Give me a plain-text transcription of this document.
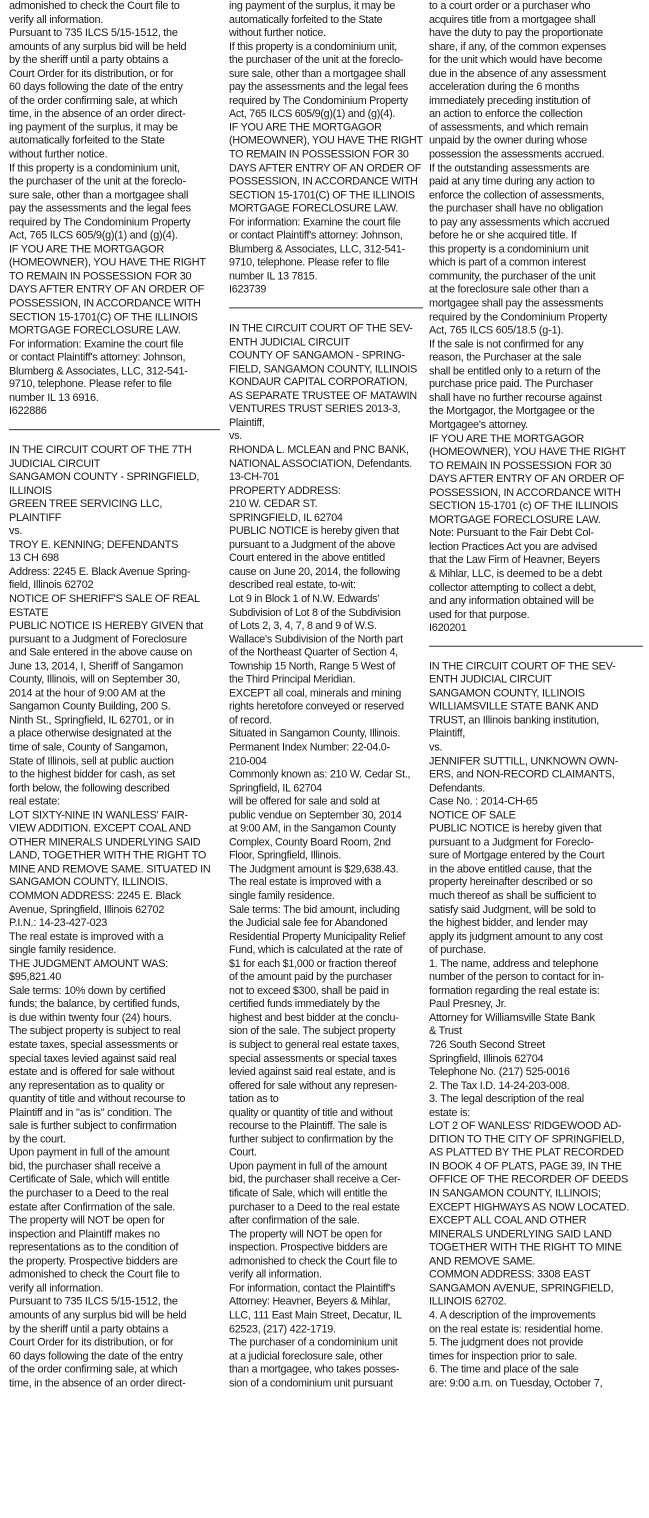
admonished to check the Court file to
verify all information.
Pursuant to 735 ILCS 5/15-1512, the
amounts of any surplus bid will be held
by the sheriff until a party obtains a
Court Order for its distribution, or for
60 days following the date of the entry
of the order confirming sale, at which
time, in the absence of an order direct-
ing payment of the surplus, it may be
automatically forfeited to the State
without further notice.
If this property is a condominium unit,
the purchaser of the unit at the foreclo-
sure sale, other than a mortgagee shall
pay the assessments and the legal fees
required by The Condominium Property
Act, 765 ILCS 605/9(g)(1) and (g)(4).
IF YOU ARE THE MORTGAGOR
(HOMEOWNER), YOU HAVE THE RIGHT
TO REMAIN IN POSSESSION FOR 30
DAYS AFTER ENTRY OF AN ORDER OF
POSSESSION, IN ACCORDANCE WITH
SECTION 15-1701(C) OF THE ILLINOIS
MORTGAGE FORECLOSURE LAW.
For information: Examine the court file
or contact Plaintiff's attorney: Johnson,
Blumberg & Associates, LLC, 312-541-
9710, telephone. Please refer to file
number IL 13 6916.
I622886
IN THE CIRCUIT COURT OF THE 7TH
JUDICIAL CIRCUIT
SANGAMON COUNTY - SPRINGFIELD,
ILLINOIS
GREEN TREE SERVICING LLC,
PLAINTIFF
vs.
TROY E. KENNING; DEFENDANTS
13 CH 698
Address: 2245 E. Black Avenue Spring-
field, Illinois 62702
NOTICE OF SHERIFF'S SALE OF REAL
ESTATE
PUBLIC NOTICE IS HEREBY GIVEN that
pursuant to a Judgment of Foreclosure
and Sale entered in the above cause on
June 13, 2014, I, Sheriff of Sangamon
County, Illinois, will on September 30,
2014 at the hour of 9:00 AM at the
Sangamon County Building, 200 S.
Ninth St., Springfield, IL 62701, or in
a place otherwise designated at the
time of sale, County of Sangamon,
State of Illinois, sell at public auction
to the highest bidder for cash, as set
forth below, the following described
real estate:
LOT SIXTY-NINE IN WANLESS' FAIR-
VIEW ADDITION. EXCEPT COAL AND
OTHER MINERALS UNDERLYING SAID
LAND, TOGETHER WITH THE RIGHT TO
MINE AND REMOVE SAME. SITUATED IN
SANGAMON COUNTY, ILLINOIS.
COMMON ADDRESS: 2245 E. Black
Avenue, Springfield, Illinois 62702
P.I.N.: 14-23-427-023
The real estate is improved with a
single family residence.
THE JUDGMENT AMOUNT WAS:
$95,821.40
Sale terms: 10% down by certified
funds; the balance, by certified funds,
is due within twenty four (24) hours.
The subject property is subject to real
estate taxes, special assessments or
special taxes levied against said real
estate and is offered for sale without
any representation as to quality or
quantity of title and without recourse to
Plaintiff and in "as is" condition. The
sale is further subject to confirmation
by the court.
Upon payment in full of the amount
bid, the purchaser shall receive a
Certificate of Sale, which will entitle
the purchaser to a Deed to the real
estate after Confirmation of the sale.
The property will NOT be open for
inspection and Plaintiff makes no
representations as to the condition of
the property. Prospective bidders are
admonished to check the Court file to
verify all information.
Pursuant to 735 ILCS 5/15-1512, the
amounts of any surplus bid will be held
by the sheriff until a party obtains a
Court Order for its distribution, or for
60 days following the date of the entry
of the order confirming sale, at which
time, in the absence of an order direct-
ing payment of the surplus, it may be
automatically forfeited to the State
without further notice.
If this property is a condominium unit,
the purchaser of the unit at the foreclo-
sure sale, other than a mortgagee shall
pay the assessments and the legal fees
required by The Condominium Property
Act, 765 ILCS 605/9(g)(1) and (g)(4).
IF YOU ARE THE MORTGAGOR
(HOMEOWNER), YOU HAVE THE RIGHT
TO REMAIN IN POSSESSION FOR 30
DAYS AFTER ENTRY OF AN ORDER OF
POSSESSION, IN ACCORDANCE WITH
SECTION 15-1701(C) OF THE ILLINOIS
MORTGAGE FORECLOSURE LAW.
For information: Examine the court file
or contact Plaintiff's attorney: Johnson,
Blumberg & Associates, LLC, 312-541-
9710, telephone. Please refer to file
number IL 13 7815.
I623739
IN THE CIRCUIT COURT OF THE SEV-
ENTH JUDICIAL CIRCUIT
COUNTY OF SANGAMON - SPRING-
FIELD, SANGAMON COUNTY, ILLINOIS
KONDAUR CAPITAL CORPORATION,
AS SEPARATE TRUSTEE OF MATAWIN
VENTURES TRUST SERIES 2013-3,
Plaintiff,
vs.
RHONDA L. MCLEAN and PNC BANK,
NATIONAL ASSOCIATION, Defendants.
13-CH-701
PROPERTY ADDRESS:
210 W. CEDAR ST.
SPRINGFIELD, IL 62704
PUBLIC NOTICE is hereby given that
pursuant to a Judgment of the above
Court entered in the above entitled
cause on June 20, 2014, the following
described real estate, to-wit:
Lot 9 in Block 1 of N.W. Edwards'
Subdivision of Lot 8 of the Subdivision
of Lots 2, 3, 4, 7, 8 and 9 of W.S.
Wallace's Subdivision of the North part
of the Northeast Quarter of Section 4,
Township 15 North, Range 5 West of
the Third Principal Meridian.
EXCEPT all coal, minerals and mining
rights heretofore conveyed or reserved
of record.
Situated in Sangamon County, Illinois.
Permanent Index Number: 22-04.0-
210-004
Commonly known as: 210 W. Cedar St.,
Springfield, IL 62704
will be offered for sale and sold at
public vendue on September 30, 2014
at 9:00 AM, in the Sangamon County
Complex, County Board Room, 2nd
Floor, Springfield, Illinois.
The Judgment amount is $29,638.43.
The real estate is improved with a
single family residence.
Sale terms: The bid amount, including
the Judicial sale fee for Abandoned
Residential Property Municipality Relief
Fund, which is calculated at the rate of
$1 for each $1,000 or fraction thereof
of the amount paid by the purchaser
not to exceed $300, shall be paid in
certified funds immediately by the
highest and best bidder at the conclu-
sion of the sale. The subject property
is subject to general real estate taxes,
special assessments or special taxes
levied against said real estate, and is
offered for sale without any represen-
tation as to
quality or quantity of title and without
recourse to the Plaintiff. The sale is
further subject to confirmation by the
Court.
Upon payment in full of the amount
bid, the purchaser shall receive a Cer-
tificate of Sale, which will entitle the
purchaser to a Deed to the real estate
after confirmation of the sale.
The property will NOT be open for
inspection. Prospective bidders are
admonished to check the Court file to
verify all information.
For information, contact the Plaintiff's
Attorney: Heavner, Beyers & Mihlar,
LLC, 111 East Main Street, Decatur, IL
62523, (217) 422-1719.
The purchaser of a condominium unit
at a judicial foreclosure sale, other
than a mortgagee, who takes posses-
sion of a condominium unit pursuant
to a court order or a purchaser who
acquires title from a mortgagee shall
have the duty to pay the proportionate
share, if any, of the common expenses
for the unit which would have become
due in the absence of any assessment
acceleration during the 6 months
immediately preceding institution of
an action to enforce the collection
of assessments, and which remain
unpaid by the owner during whose
possession the assessments accrued.
If the outstanding assessments are
paid at any time during any action to
enforce the collection of assessments,
the purchaser shall have no obligation
to pay any assessments which accrued
before he or she acquired title. If
this property is a condominium unit
which is part of a common interest
community, the purchaser of the unit
at the foreclosure sale other than a
mortgagee shall pay the assessments
required by the Condominium Property
Act, 765 ILCS 605/18.5 (g-1).
If the sale is not confirmed for any
reason, the Purchaser at the sale
shall be entitled only to a return of the
purchase price paid. The Purchaser
shall have no further recourse against
the Mortgagor, the Mortgagee or the
Mortgagee's attorney.
IF YOU ARE THE MORTGAGOR
(HOMEOWNER), YOU HAVE THE RIGHT
TO REMAIN IN POSSESSION FOR 30
DAYS AFTER ENTRY OF AN ORDER OF
POSSESSION, IN ACCORDANCE WITH
SECTION 15-1701 (c) OF THE ILLINOIS
MORTGAGE FORECLOSURE LAW.
Note: Pursuant to the Fair Debt Col-
lection Practices Act you are advised
that the Law Firm of Heavner, Beyers
& Mihlar, LLC, is deemed to be a debt
collector attempting to collect a debt,
and any information obtained will be
used for that purpose.
I620201
IN THE CIRCUIT COURT OF THE SEV-
ENTH JUDICIAL CIRCUIT
SANGAMON COUNTY, ILLINOIS
WILLIAMSVILLE STATE BANK AND
TRUST, an Illinois banking institution,
Plaintiff,
vs.
JENNIFER SUTTILL, UNKNOWN OWN-
ERS, and NON-RECORD CLAIMANTS,
Defendants.
Case No. : 2014-CH-65
NOTICE OF SALE
PUBLIC NOTICE is hereby given that
pursuant to a Judgment for Foreclo-
sure of Mortgage entered by the Court
in the above entitled cause, that the
property hereinafter described or so
much thereof as shall be sufficient to
satisfy said Judgment, will be sold to
the highest bidder, and lender may
apply its judgment amount to any cost
of purchase.
1. The name, address and telephone
number of the person to contact for in-
formation regarding the real estate is:
Paul Presney, Jr.
Attorney for Williamsville State Bank
& Trust
726 South Second Street
Springfield, Illinois 62704
Telephone No. (217) 525-0016
2. The Tax I.D. 14-24-203-008.
3. The legal description of the real
estate is:
LOT 2 OF WANLESS' RIDGEWOOD AD-
DITION TO THE CITY OF SPRINGFIELD,
AS PLATTED BY THE PLAT RECORDED
IN BOOK 4 OF PLATS, PAGE 39, IN THE
OFFICE OF THE RECORDER OF DEEDS
IN SANGAMON COUNTY, ILLINOIS;
EXCEPT HIGHWAYS AS NOW LOCATED.
EXCEPT ALL COAL AND OTHER
MINERALS UNDERLYING SAID LAND
TOGETHER WITH THE RIGHT TO MINE
AND REMOVE SAME.
COMMON ADDRESS: 3308 EAST
SANGAMON AVENUE, SPRINGFIELD,
ILLINOIS 62702.
4. A description of the improvements
on the real estate is: residential home.
5. The judgment does not provide
times for inspection prior to sale.
6. The time and place of the sale
are: 9:00 a.m. on Tuesday, October 7,
